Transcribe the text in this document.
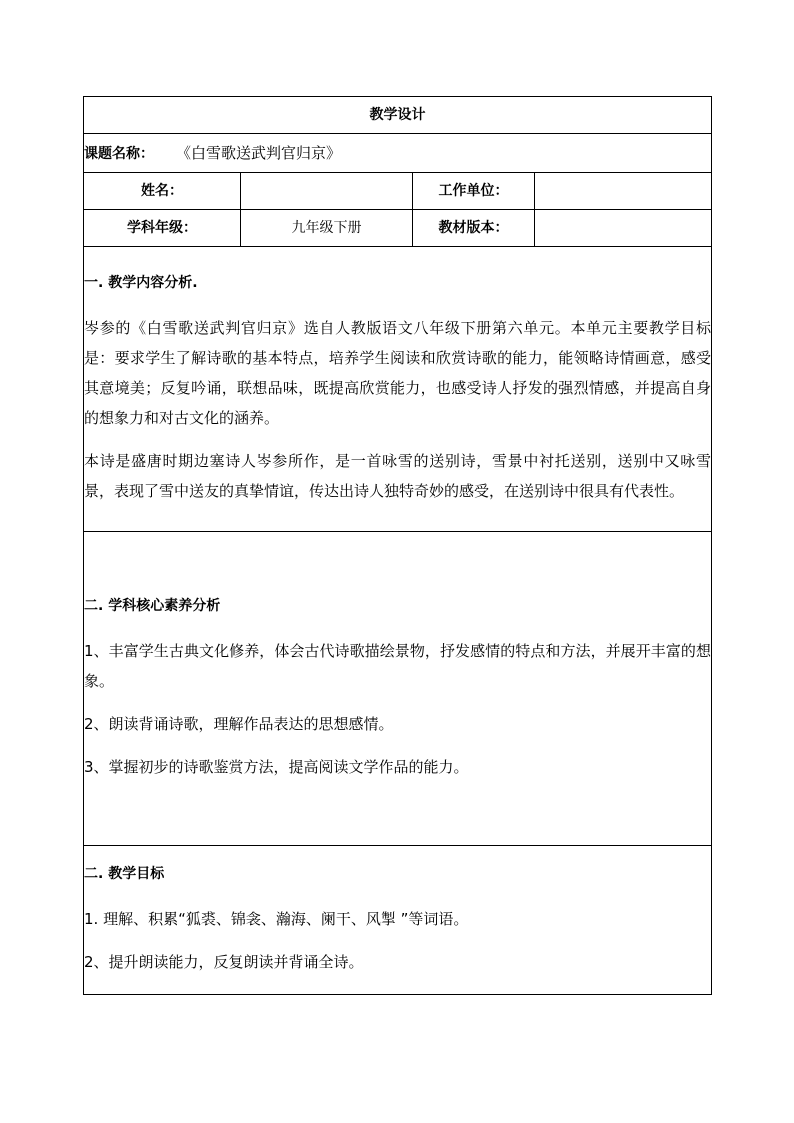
教学设计			
课题名称： 《白雪歌送武判官归京》			
姓名：		工作单位：	
学科年级：	九年级下册	教材版本：	

一. 教学内容分析.

岑参的《白雪歌送武判官归京》选自人教版语文八年级下册第六单元。本单元主要教学目标是：要求学生了解诗歌的基本特点，培养学生阅读和欣赏诗歌的能力，能领略诗情画意，感受其意境美；反复吟诵，联想品味，既提高欣赏能力，也感受诗人抒发的强烈情感，并提高自身的想象力和对古文化的涵养。

本诗是盛唐时期边塞诗人岑参所作，是一首咏雪的送别诗，雪景中衬托送别，送别中又咏雪景，表现了雪中送友的真挚情谊，传达出诗人独特奇妙的感受，在送别诗中很具有代表性。			

二. 学科核心素养分析

1、丰富学生古典文化修养，体会古代诗歌描绘景物，抒发感情的特点和方法，并展开丰富的想象。

2、朗读背诵诗歌，理解作品表达的思想感情。

3、掌握初步的诗歌鉴赏方法，提高阅读文学作品的能力。			

二. 教学目标

1. 理解、积累“狐裘、锦衾、瀚海、阑干、风掣 ”等词语。

2、提升朗读能力，反复朗读并背诵全诗。			
